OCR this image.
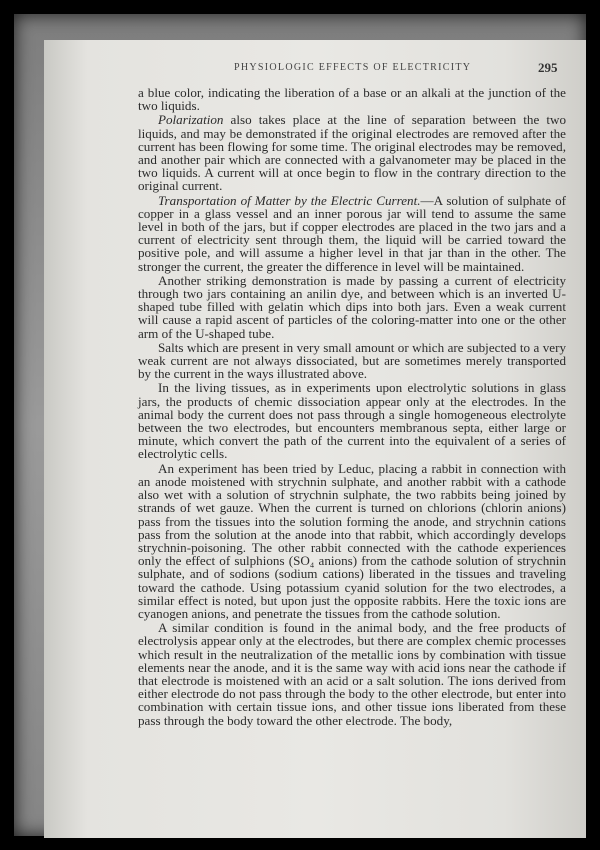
PHYSIOLOGIC EFFECTS OF ELECTRICITY	295

a blue color, indicating the liberation of a base or an alkali at the junction of the two liquids.

Polarization also takes place at the line of separation between the two liquids, and may be demonstrated if the original electrodes are removed after the current has been flowing for some time. The original electrodes may be removed, and another pair which are connected with a galvanometer may be placed in the two liquids. A current will at once begin to flow in the contrary direction to the original current.

Transportation of Matter by the Electric Current.—A solution of sulphate of copper in a glass vessel and an inner porous jar will tend to assume the same level in both of the jars, but if copper electrodes are placed in the two jars and a current of electricity sent through them, the liquid will be carried toward the positive pole, and will assume a higher level in that jar than in the other. The stronger the current, the greater the difference in level will be maintained.

Another striking demonstration is made by passing a current of electricity through two jars containing an anilin dye, and between which is an inverted U-shaped tube filled with gelatin which dips into both jars. Even a weak current will cause a rapid ascent of particles of the coloring-matter into one or the other arm of the U-shaped tube.

Salts which are present in very small amount or which are subjected to a very weak current are not always dissociated, but are sometimes merely transported by the current in the ways illustrated above.

In the living tissues, as in experiments upon electrolytic solutions in glass jars, the products of chemic dissociation appear only at the electrodes. In the animal body the current does not pass through a single homogeneous electrolyte between the two electrodes, but encounters membranous septa, either large or minute, which convert the path of the current into the equivalent of a series of electrolytic cells.

An experiment has been tried by Leduc, placing a rabbit in connection with an anode moistened with strychnin sulphate, and another rabbit with a cathode also wet with a solution of strychnin sulphate, the two rabbits being joined by strands of wet gauze. When the current is turned on chlorions (chlorin anions) pass from the tissues into the solution forming the anode, and strychnin cations pass from the solution at the anode into that rabbit, which accordingly develops strychnin-poisoning. The other rabbit connected with the cathode experiences only the effect of sulphions (SO₄ anions) from the cathode solution of strychnin sulphate, and of sodions (sodium cations) liberated in the tissues and traveling toward the cathode. Using potassium cyanid solution for the two electrodes, a similar effect is noted, but upon just the opposite rabbits. Here the toxic ions are cyanogen anions, and penetrate the tissues from the cathode solution.

A similar condition is found in the animal body, and the free products of electrolysis appear only at the electrodes, but there are complex chemic processes which result in the neutralization of the metallic ions by combination with tissue elements near the anode, and it is the same way with acid ions near the cathode if that electrode is moistened with an acid or a salt solution. The ions derived from either electrode do not pass through the body to the other electrode, but enter into combination with certain tissue ions, and other tissue ions liberated from these pass through the body toward the other electrode. The body,
